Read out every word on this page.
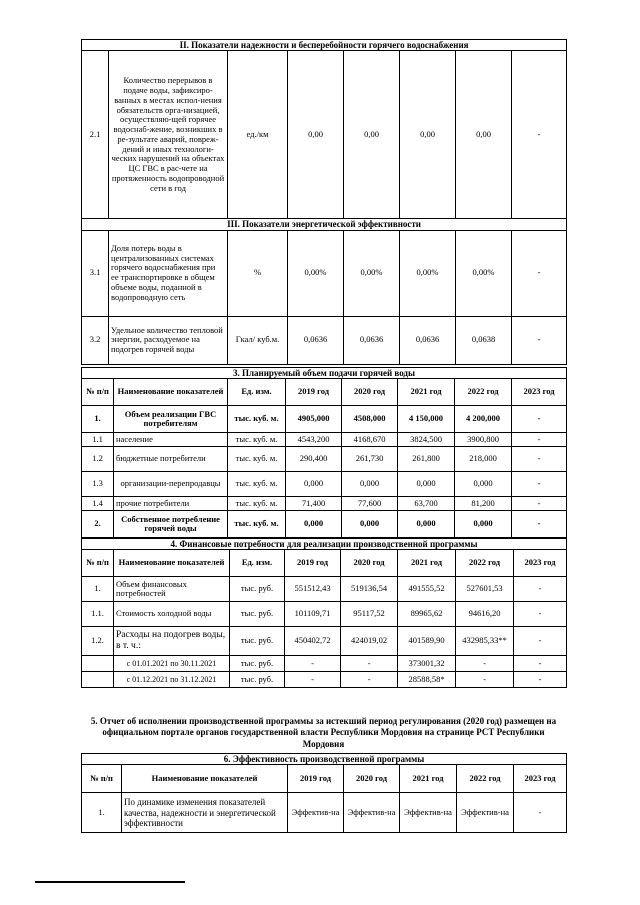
II. Показатели надежности и бесперебойности горячего водоснабжения							
2.1	Количество перерывов в подаче воды, зафиксиро-ванных в местах испол-нения обязательств орга-низацией, осуществляю-щей горячее водоснаб-жение, возникших в ре-зультате аварий, повреж-дений и иных технологи-ческих нарушений на объектах ЦС ГВС в рас-чете на протяженность водопроводной сети в год	ед./км	0,00	0,00	0,00	0,00	-
III. Показатели энергетической эффективности							
3.1	Доля потерь воды в централизованных системах горячего водоснабжения при ее транспортировке в общем объеме воды, поданной в водопроводную сеть	%	0,00%	0,00%	0,00%	0,00%	-
3.2	Удельное количество тепловой энергии, расходуемое на подогрев горячей воды	Гкал/ куб.м.	0,0636	0,0636	0,0636	0,0638	-
3. Планируемый объем подачи горячей воды							
№ п/п	Наименование показателей	Ед. изм.	2019 год	2020 год	2021 год	2022 год	2023 год
1.	Объем реализации ГВС потребителям	тыс. куб. м.	4905,000	4508,000	4 150,000	4 200,000	-
1.1	население	тыс. куб. м.	4543,200	4168,670	3824,500	3900,800	-
1.2	бюджетные потребители	тыс. куб. м.	290,400	261,730	261,800	218,000	-
1.3	организации-перепродавцы	тыс. куб. м.	0,000	0,000	0,000	0,000	-
1.4	прочие потребители	тыс. куб. м.	71,400	77,600	63,700	81,200	-
2.	Собственное потребление горячей воды	тыс. куб. м.	0,000	0,000	0,000	0,000	-
4. Финансовые потребности для реализации производственной программы							
№ п/п	Наименование показателей	Ед. изм.	2019 год	2020 год	2021 год	2022 год	2023 год
1.	Объем финансовых потребностей	тыс. руб.	551512,43	519136,54	491555,52	527601,53	-
1.1.	Стоимость холодной воды	тыс. руб.	101109,71	95117,52	89965,62	94616,20	-
1.2.	Расходы на подогрев воды, в т. ч.:	тыс. руб.	450402,72	424019,02	401589,90	432985,33**	-
	с 01.01.2021 по 30.11.2021	тыс. руб.	-	-	373001,32	-	-
	с 01.12.2021 по 31.12.2021	тыс. руб.	-	-	28588,58*	-	-
5. Отчет об исполнении производственной программы за истекший период регулирования (2020 год) размещен на официальном портале органов государственной власти Республики Мордовия на странице РСТ Республики Мордовия
6. Эффективность производственной программы						
№ п/п	Наименование показателей	2019 год	2020 год	2021 год	2022 год	2023 год
1.	По динамике изменения показателей качества, надежности и энергетической эффективности	Эффектив-на	Эффектив-на	Эффектив-на	Эффектив-на	-
